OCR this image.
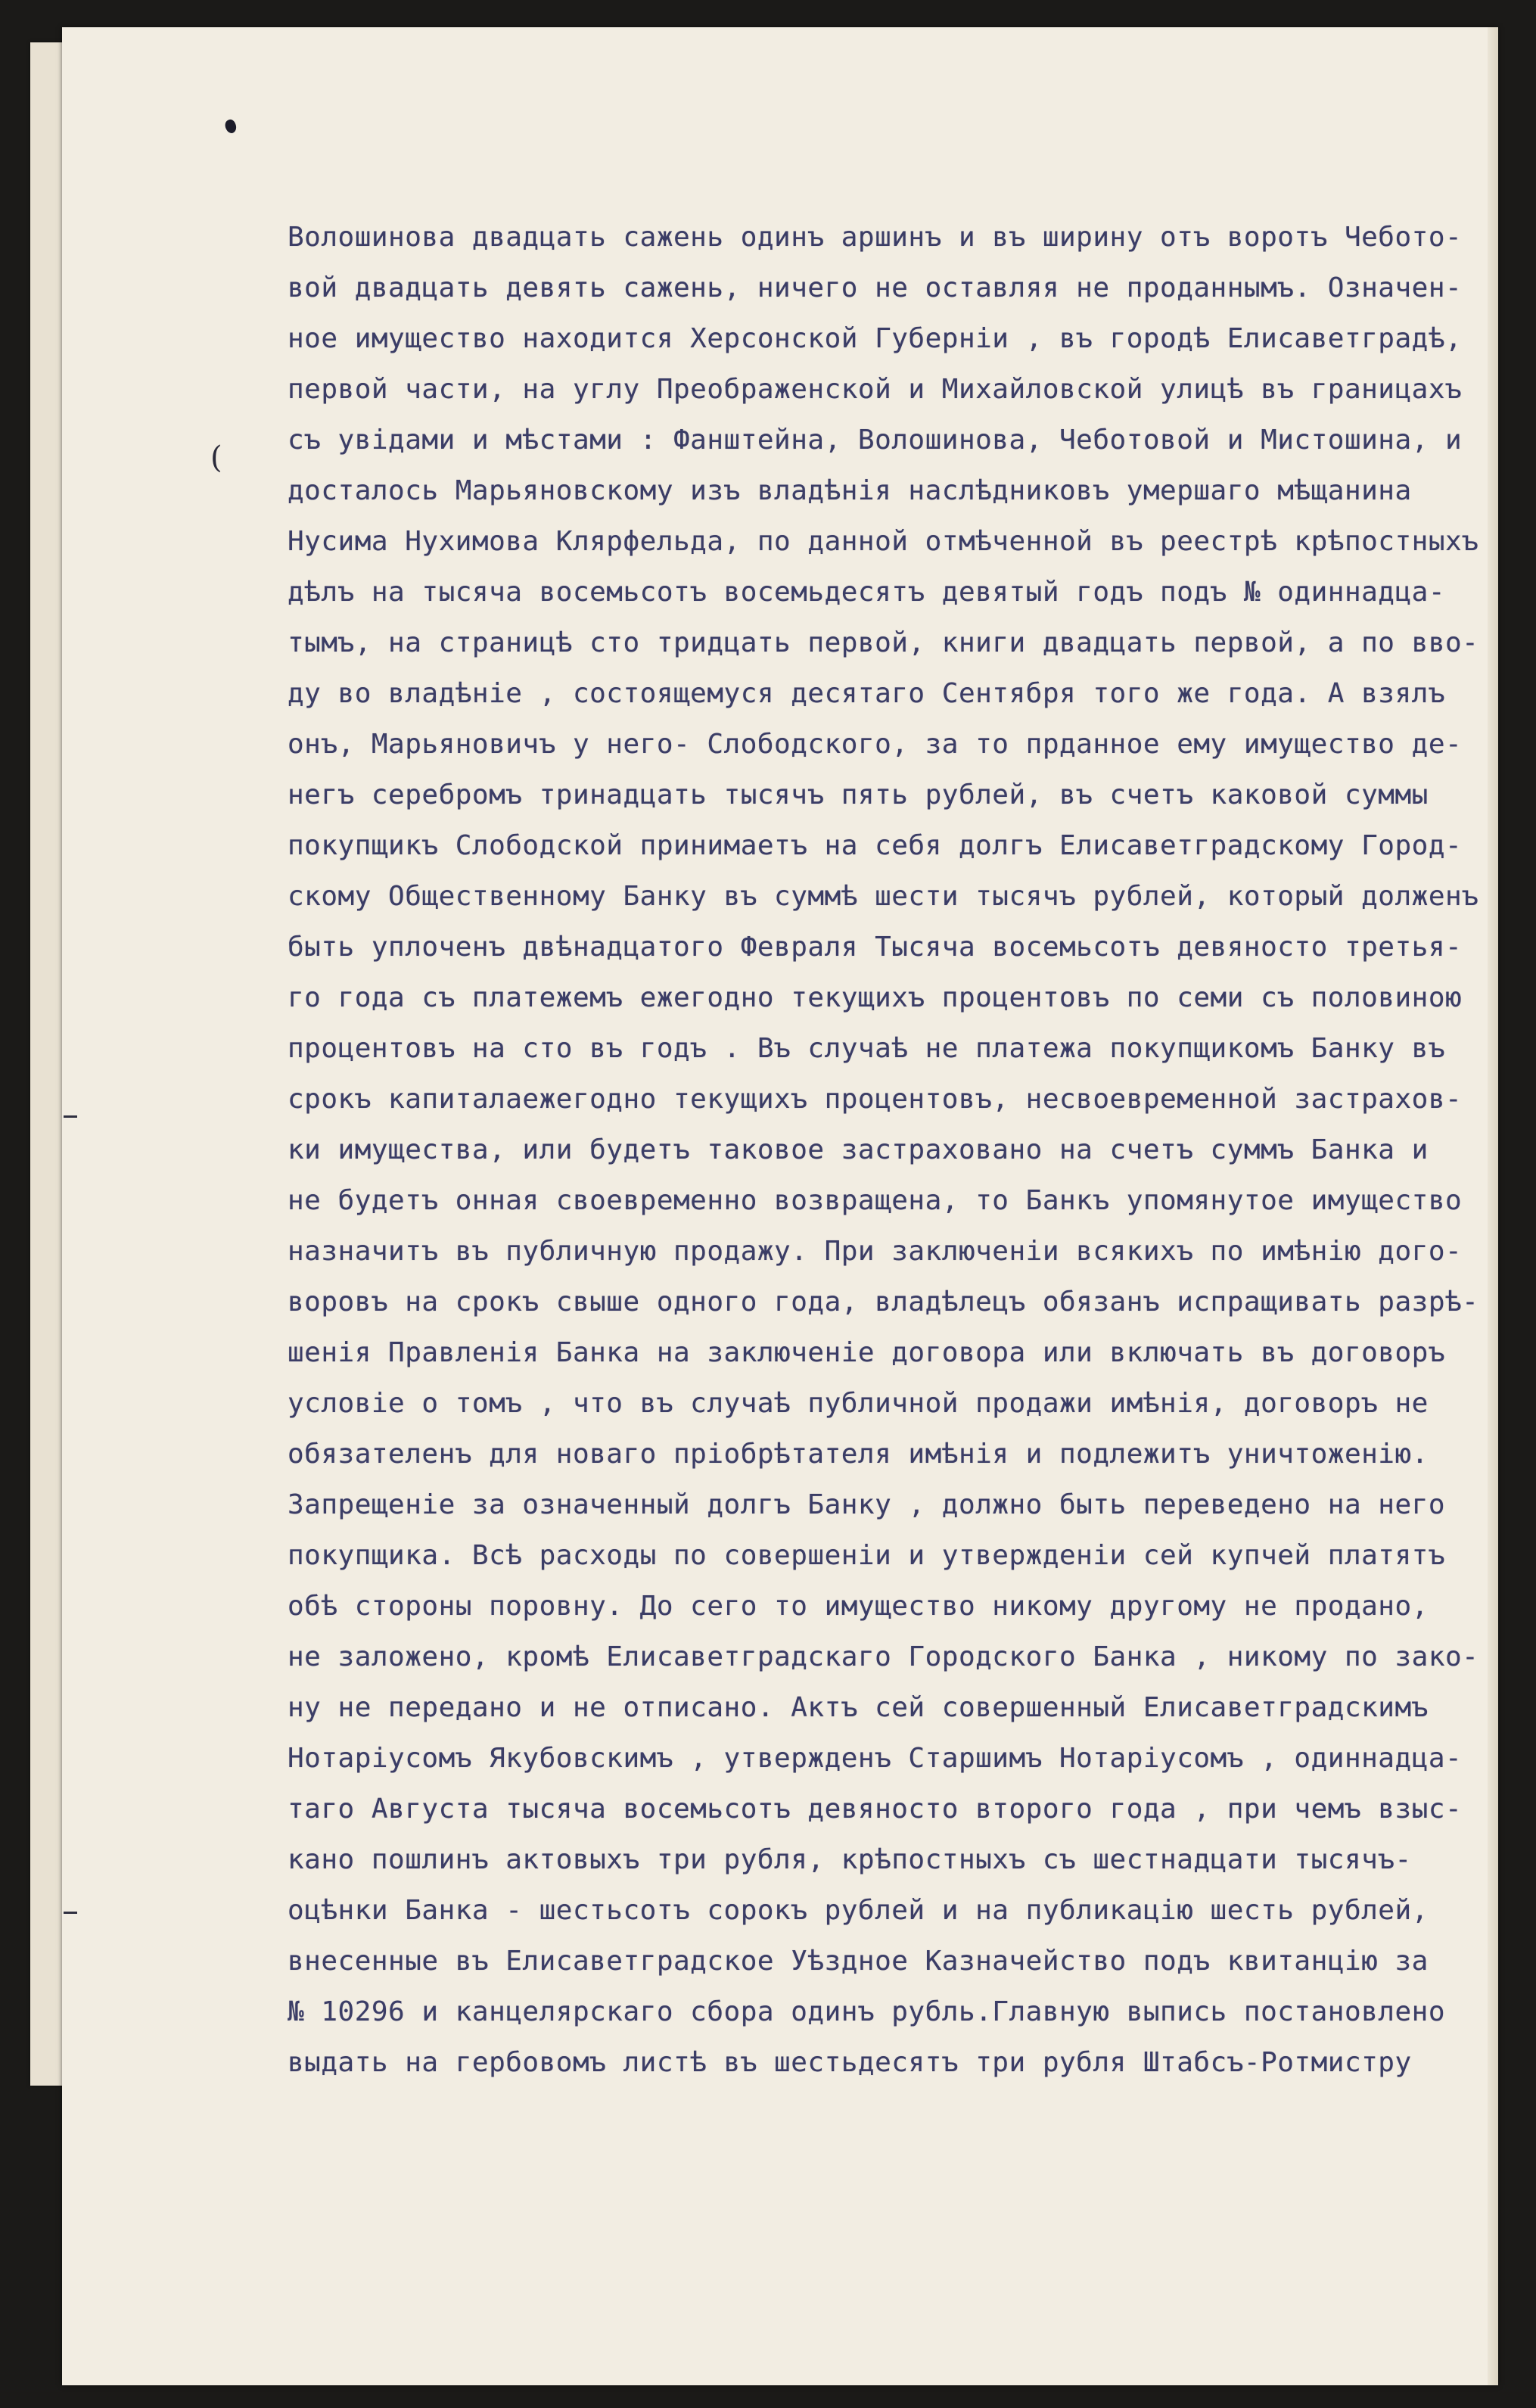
(
Волошинова двадцать сажень одинъ аршинъ и въ ширину отъ воротъ Чебото-
вой двадцать девять сажень, ничего не оставляя не проданнымъ. Означен-
ное имущество находится Херсонской Губерніи , въ городѣ Елисаветградѣ,
первой части, на углу Преображенской и Михайловской улицѣ въ границахъ
съ увідами и мѣстами : Фанштейна, Волошинова, Чеботовой и Мистошина, и
досталось Марьяновскому изъ владѣнія наслѣдниковъ умершаго мѣщанина
Нусима Нухимова Клярфельда, по данной отмѣченной въ реестрѣ крѣпостныхъ
дѣлъ на тысяча восемьсотъ восемьдесятъ девятый годъ подъ № одиннадца-
тымъ, на страницѣ сто тридцать первой, книги двадцать первой, а по вво-
ду во владѣніе , состоящемуся десятаго Сентября того же года. А взялъ
онъ, Марьяновичъ у него- Слободского, за то прданное ему имущество де-
негъ серебромъ тринадцать тысячъ пять рублей, въ счетъ каковой суммы
покупщикъ Слободской принимаетъ на себя долгъ Елисаветградскому Город-
скому Общественному Банку въ суммѣ шести тысячъ рублей, который долженъ
быть уплоченъ двѣнадцатого Февраля Тысяча восемьсотъ девяносто третья-
го года съ платежемъ ежегодно текущихъ процентовъ по семи съ половиною
процентовъ на сто въ годъ . Въ случаѣ не платежа покупщикомъ Банку въ
срокъ капиталаежегодно текущихъ процентовъ, несвоевременной застрахов-
ки имущества, или будетъ таковое застраховано на счетъ суммъ Банка и
не будетъ онная своевременно возвращена, то Банкъ упомянутое имущество
назначитъ въ публичную продажу. При заключеніи всякихъ по имѣнію дого-
воровъ на срокъ свыше одного года, владѣлецъ обязанъ испращивать разрѣ-
шенія Правленія Банка на заключеніе договора или включать въ договоръ
условіе о томъ , что въ случаѣ публичной продажи имѣнія, договоръ не
обязателенъ для новаго пріобрѣтателя имѣнія и подлежитъ уничтоженію.
Запрещеніе за означенный долгъ Банку , должно быть переведено на него
покупщика. Всѣ расходы по совершеніи и утвержденіи сей купчей платятъ
обѣ стороны поровну. До сего то имущество никому другому не продано,
не заложено, кромѣ Елисаветградскаго Городского Банка , никому по зако-
ну не передано и не отписано. Актъ сей совершенный Елисаветградскимъ
Нотаріусомъ Якубовскимъ , утвержденъ Старшимъ Нотаріусомъ , одиннадца-
таго Августа тысяча восемьсотъ девяносто второго года , при чемъ взыс-
кано пошлинъ актовыхъ три рубля, крѣпостныхъ съ шестнадцати тысячъ-
оцѣнки Банка - шестьсотъ сорокъ рублей и на публикацію шесть рублей,
внесенные въ Елисаветградское Уѣздное Казначейство подъ квитанцію за
№ 10296 и канцелярскаго сбора одинъ рубль.Главную выпись постановлено
выдать на гербовомъ листѣ въ шестьдесятъ три рубля Штабсъ-Ротмистру
